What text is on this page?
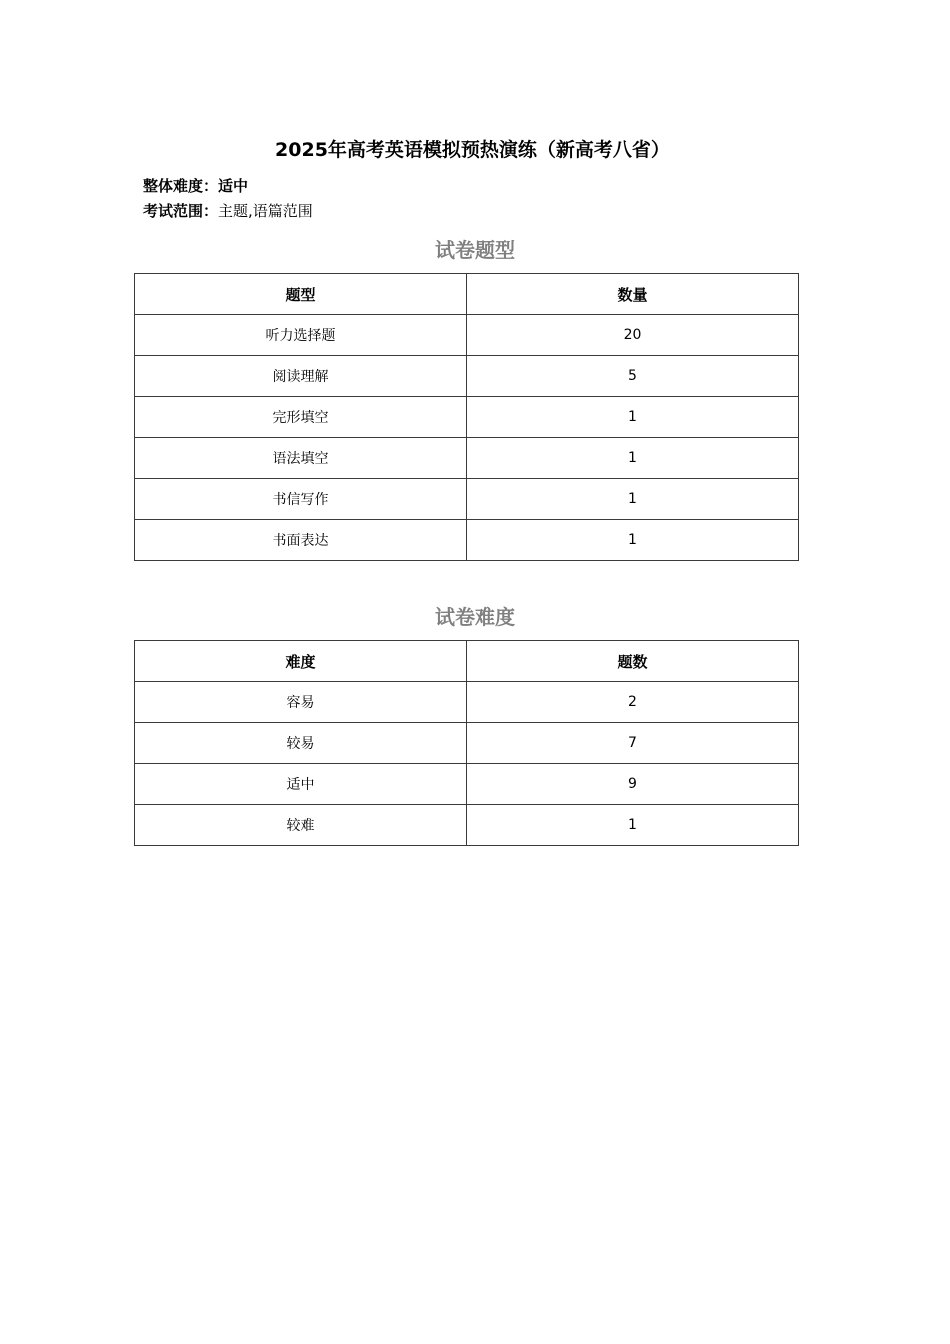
2025年高考英语模拟预热演练（新高考八省）
整体难度：适中
考试范围：主题,语篇范围
试卷题型
题型	数量
听力选择题	20
阅读理解	5
完形填空	1
语法填空	1
书信写作	1
书面表达	1
试卷难度
难度	题数
容易	2
较易	7
适中	9
较难	1
